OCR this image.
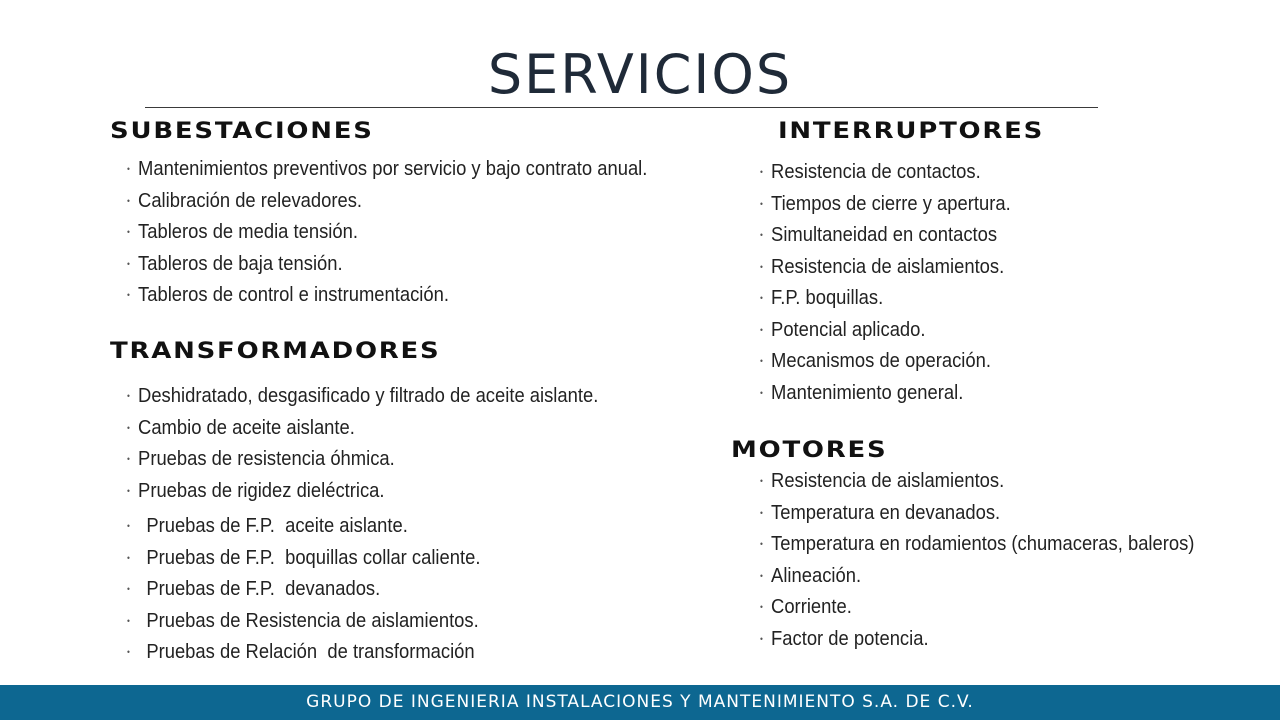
SERVICIOS
SUBESTACIONES
• Mantenimientos preventivos por servicio y bajo contrato anual.
• Calibración de relevadores.
• Tableros de media tensión.
• Tableros de baja tensión.
• Tableros de control e instrumentación.
TRANSFORMADORES
• Deshidratado, desgasificado y filtrado de aceite aislante.
• Cambio de aceite aislante.
• Pruebas de resistencia óhmica.
• Pruebas de rigidez dieléctrica.
• Pruebas de F.P.  aceite aislante.
• Pruebas de F.P.  boquillas collar caliente.
• Pruebas de F.P.  devanados.
• Pruebas de Resistencia de aislamientos.
• Pruebas de Relación  de transformación
INTERRUPTORES
• Resistencia de contactos.
• Tiempos de cierre y apertura.
• Simultaneidad en contactos
• Resistencia de aislamientos.
• F.P. boquillas.
• Potencial aplicado.
• Mecanismos de operación.
• Mantenimiento general.
MOTORES
• Resistencia de aislamientos.
• Temperatura en devanados.
• Temperatura en rodamientos (chumaceras, baleros)
• Alineación.
• Corriente.
• Factor de potencia.
GRUPO DE INGENIERIA INSTALACIONES Y MANTENIMIENTO S.A. DE C.V.
